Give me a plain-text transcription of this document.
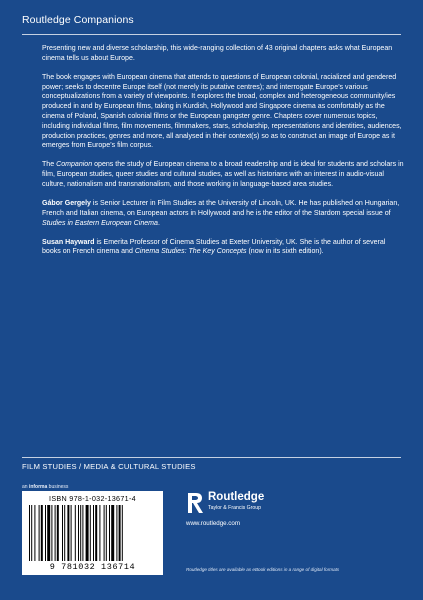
Routledge Companions

Presenting new and diverse scholarship, this wide-ranging collection of 43 original chapters asks what European cinema tells us about Europe.

The book engages with European cinema that attends to questions of European colonial, racialized and gendered power; seeks to decentre Europe itself (not merely its putative centres); and interrogate Europe’s various conceptualizations from a variety of viewpoints. It explores the broad, complex and heterogeneous community/ies produced in and by European films, taking in Kurdish, Hollywood and Singapore cinema as comfortably as the cinema of Poland, Spanish colonial films or the European gangster genre. Chapters cover numerous topics, including individual films, film movements, filmmakers, stars, scholarship, representations and identities, audiences, production practices, genres and more, all analysed in their context(s) so as to construct an image of Europe as it emerges from Europe’s film corpus.

The Companion opens the study of European cinema to a broad readership and is ideal for students and scholars in film, European studies, queer studies and cultural studies, as well as historians with an interest in audio-visual culture, nationalism and transnationalism, and those working in language-based area studies.

Gábor Gergely is Senior Lecturer in Film Studies at the University of Lincoln, UK. He has published on Hungarian, French and Italian cinema, on European actors in Hollywood and he is the editor of the Stardom special issue of Studies in Eastern European Cinema.

Susan Hayward is Emerita Professor of Cinema Studies at Exeter University, UK. She is the author of several books on French cinema and Cinema Studies: The Key Concepts (now in its sixth edition).

FILM STUDIES / MEDIA & CULTURAL STUDIES
an informa business
ISBN 978-1-032-13671-4
9 781032 136714
Routledge
Taylor & Francis Group
www.routledge.com
Routledge titles are available as eBook editions in a range of digital formats
